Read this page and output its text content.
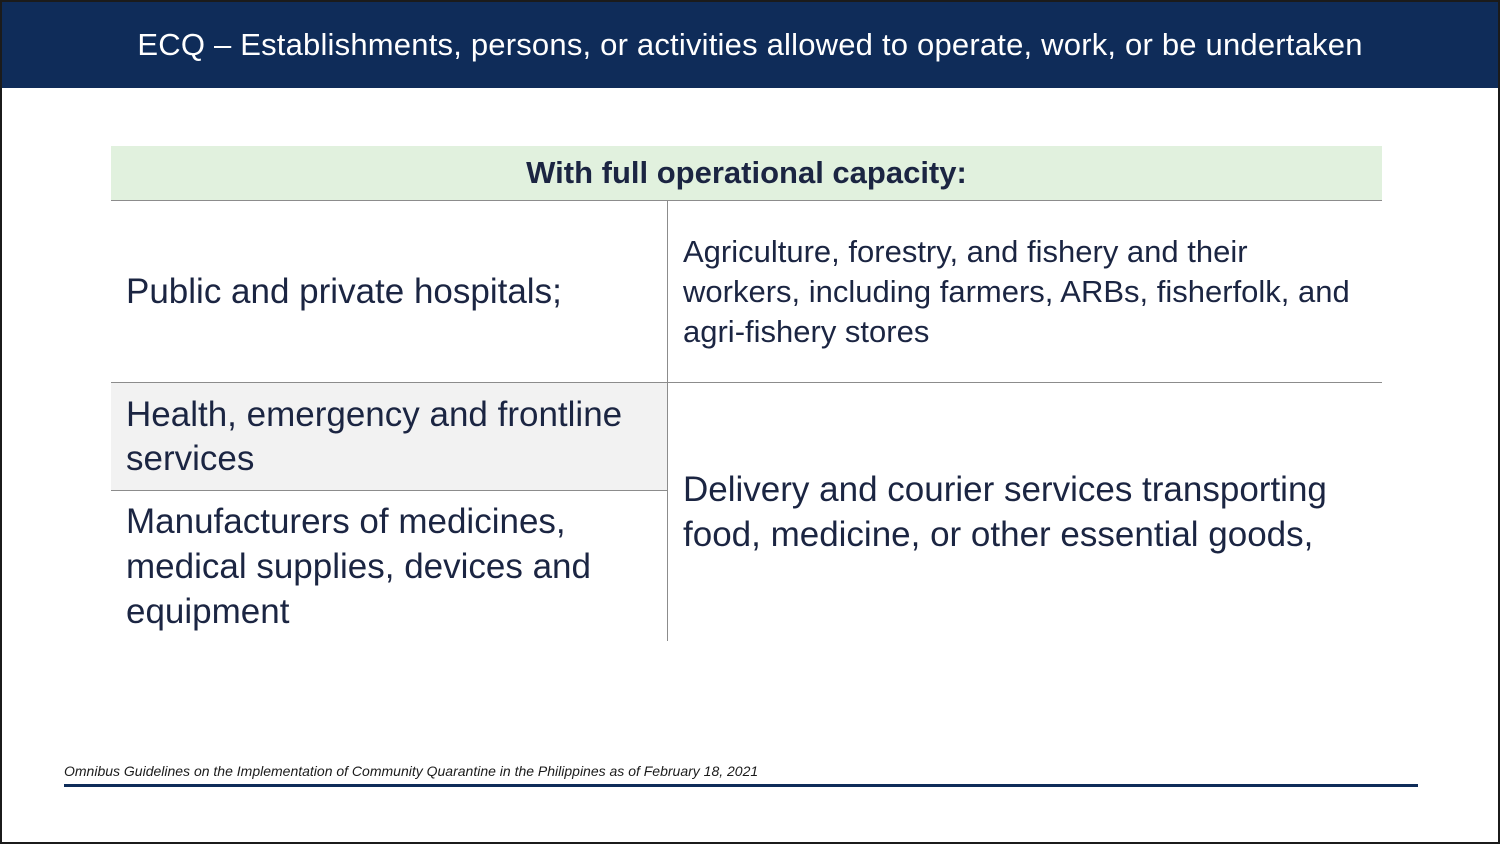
ECQ – Establishments, persons, or activities allowed to operate, work, or be undertaken
With full operational capacity:
Public and private hospitals;
Agriculture, forestry, and fishery and their workers, including farmers, ARBs, fisherfolk, and agri-fishery stores
Health, emergency and frontline services
Manufacturers of medicines, medical supplies, devices and equipment
Delivery and courier services transporting food, medicine, or other essential goods,
Omnibus Guidelines on the Implementation of Community Quarantine in the Philippines as of February 18, 2021
